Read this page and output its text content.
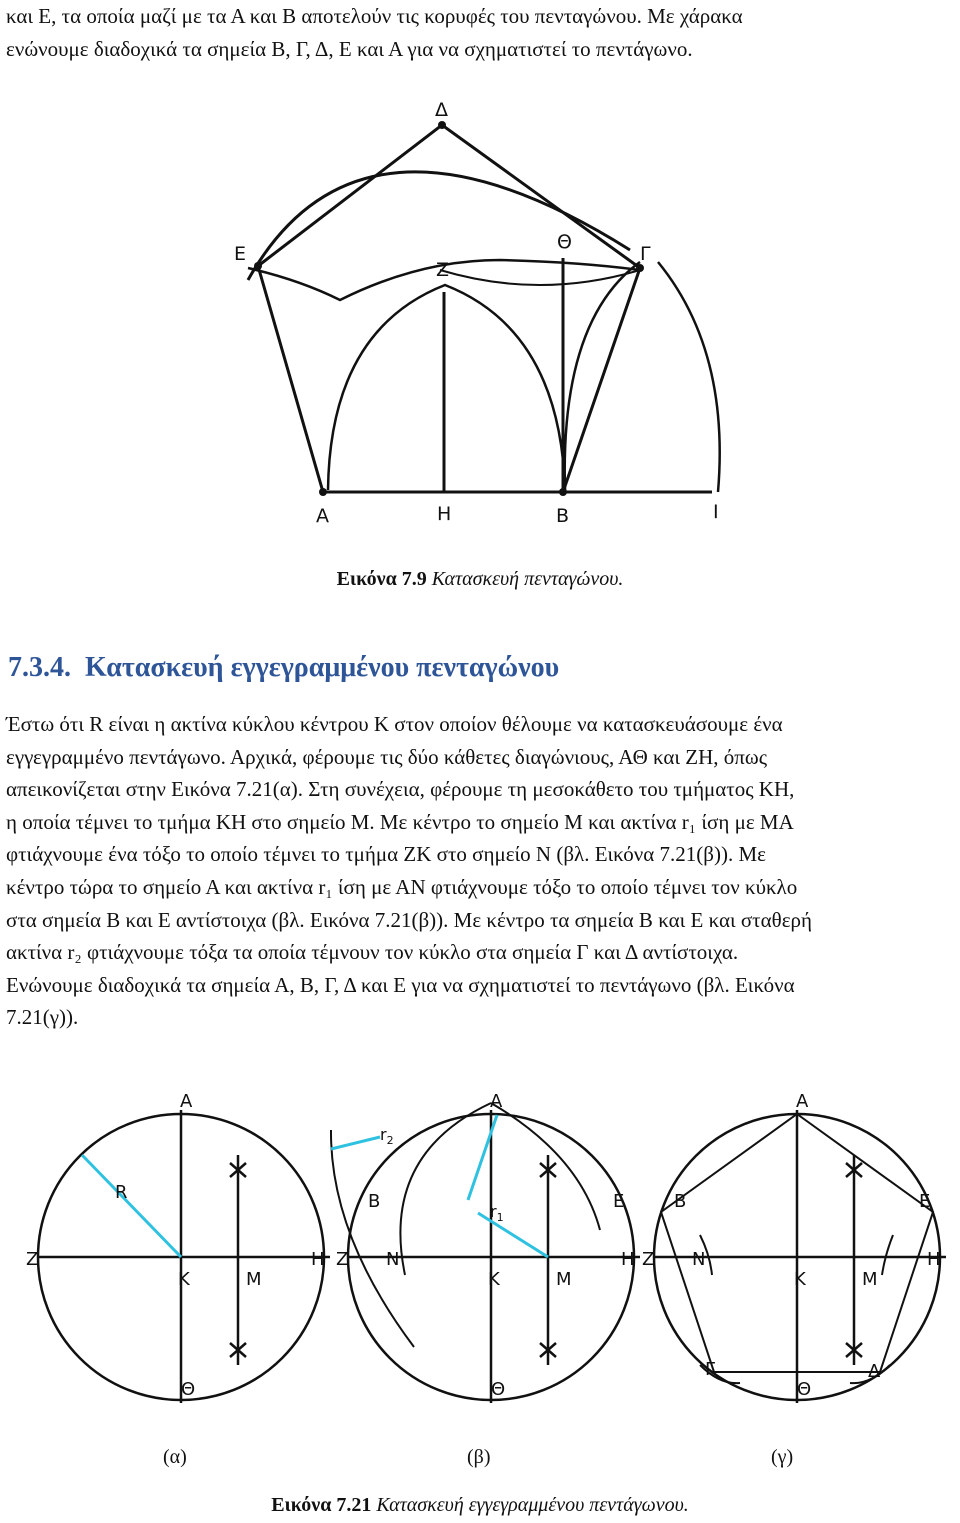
και Ε, τα οποία μαζί με τα Α και Β αποτελούν τις κορυφές του πενταγώνου. Με χάρακα
ενώνουμε διαδοχικά τα σημεία Β, Γ, Δ, Ε και Α για να σχηματιστεί το πεντάγωνο.

Δ
Ε
Θ
Γ
Ζ
Α	Η	Β	Ι
Εικόνα 7.9 Κατασκευή πενταγώνου.
7.3.4. Κατασκευή εγγεγραμμένου πενταγώνου

Έστω ότι R είναι η ακτίνα κύκλου κέντρου Κ στον οποίον θέλουμε να κατασκευάσουμε ένα
εγγεγραμμένο πεντάγωνο. Αρχικά, φέρουμε τις δύο κάθετες διαγώνιους, ΑΘ και ΖΗ, όπως
απεικονίζεται στην Εικόνα 7.21(α). Στη συνέχεια, φέρουμε τη μεσοκάθετο του τμήματος ΚΗ,
η οποία τέμνει το τμήμα ΚΗ στο σημείο Μ. Με κέντρο το σημείο Μ και ακτίνα r₁ ίση με ΜΑ
φτιάχνουμε ένα τόξο το οποίο τέμνει το τμήμα ΖΚ στο σημείο Ν (βλ. Εικόνα 7.21(β)). Με
κέντρο τώρα το σημείο Α και ακτίνα r₁ ίση με ΑΝ φτιάχνουμε τόξο το οποίο τέμνει τον κύκλο
στα σημεία Β και Ε αντίστοιχα (βλ. Εικόνα 7.21(β)). Με κέντρο τα σημεία Β και Ε και σταθερή
ακτίνα r₂ φτιάχνουμε τόξα τα οποία τέμνουν τον κύκλο στα σημεία Γ και Δ αντίστοιχα.
Ενώνουμε διαδοχικά τα σημεία Α, Β, Γ, Δ και Ε για να σχηματιστεί το πεντάγωνο (βλ. Εικόνα
7.21(γ)).

A
Z
K	M
H
Θ
R
A
Z N
K	M
H
Θ
B	E
$r_2$
$r_1$
A
Z N
K	M
H
Θ
B	E
Γ	Δ
(α)	(β)	(γ)
Εικόνα 7.21 Κατασκευή εγγεγραμμένου πεντάγωνου.
